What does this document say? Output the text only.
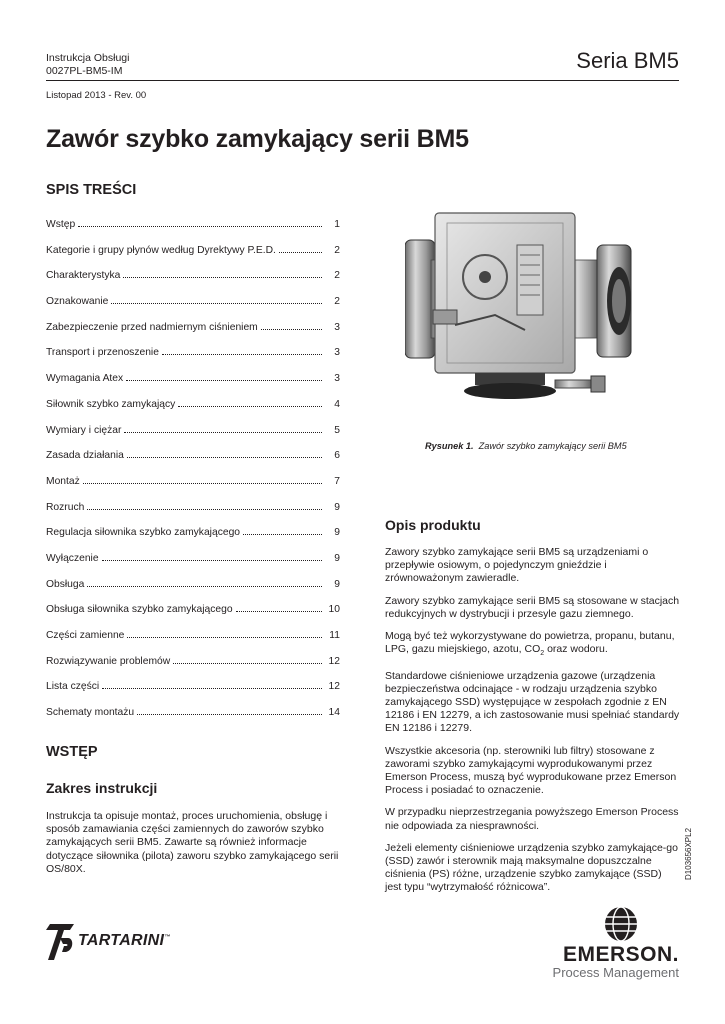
Instrukcja Obsługi
0027PL-BM5-IM	Seria BM5
Listopad 2013 - Rev. 00
Zawór szybko zamykający serii BM5
SPIS TREŚCI
Wstęp	1
Kategorie i grupy płynów według Dyrektywy P.E.D.	2
Charakterystyka	2
Oznakowanie	2
Zabezpieczenie przed nadmiernym ciśnieniem	3
Transport i przenoszenie	3
Wymagania Atex	3
Siłownik szybko zamykający	4
Wymiary i ciężar	5
Zasada działania	6
Montaż	7
Rozruch	9
Regulacja siłownika szybko zamykającego	9
Wyłączenie	9
Obsługa	9
Obsługa siłownika szybko zamykającego	10
Części zamienne	11
Rozwiązywanie problemów	12
Lista części	12
Schematy montażu	14
WSTĘP
Zakres instrukcji

Instrukcja ta opisuje montaż, proces uruchomienia, obsługę i sposób zamawiania części zamiennych do zaworów szybko zamykających serii BM5. Zawarte są również informacje dotyczące siłownika (pilota) zaworu szybko zamykającego serii OS/80X.

Rysunek 1. Zawór szybko zamykający serii BM5
Opis produktu

Zawory szybko zamykające serii BM5 są urządzeniami o przepływie osiowym, o pojedynczym gnieździe i zrównoważonym zawieradle.

Zawory szybko zamykające serii BM5 są stosowane w stacjach redukcyjnych w dystrybucji i przesyle gazu ziemnego.

Mogą być też wykorzystywane do powietrza, propanu, butanu, LPG, gazu miejskiego, azotu, $CO_2$ oraz wodoru.

Standardowe ciśnieniowe urządzenia gazowe (urządzenia bezpieczeństwa odcinające - w rodzaju urządzenia szybko zamykającego SSD) występujące w zespołach zgodnie z EN 12186 i EN 12279, a ich zastosowanie musi spełniać standardy EN 12186 i 12279.

Wszystkie akcesoria (np. sterowniki lub filtry) stosowane z zaworami szybko zamykającymi wyprodukowanymi przez Emerson Process, muszą być wyprodukowane przez Emerson Process i posiadać to oznaczenie.

W przypadku nieprzestrzegania powyższego Emerson Process nie odpowiada za niesprawności.

Jeżeli elementy ciśnieniowe urządzenia szybko zamykające-go (SSD) zawór i sterownik mają maksymalne dopuszczalne ciśnienia (PS) różne, urządzenie szybko zamykające (SSD) jest typu “wytrzymałość różnicowa”.

D103656XPL2
TARTARINI™
EMERSON.
Process Management
